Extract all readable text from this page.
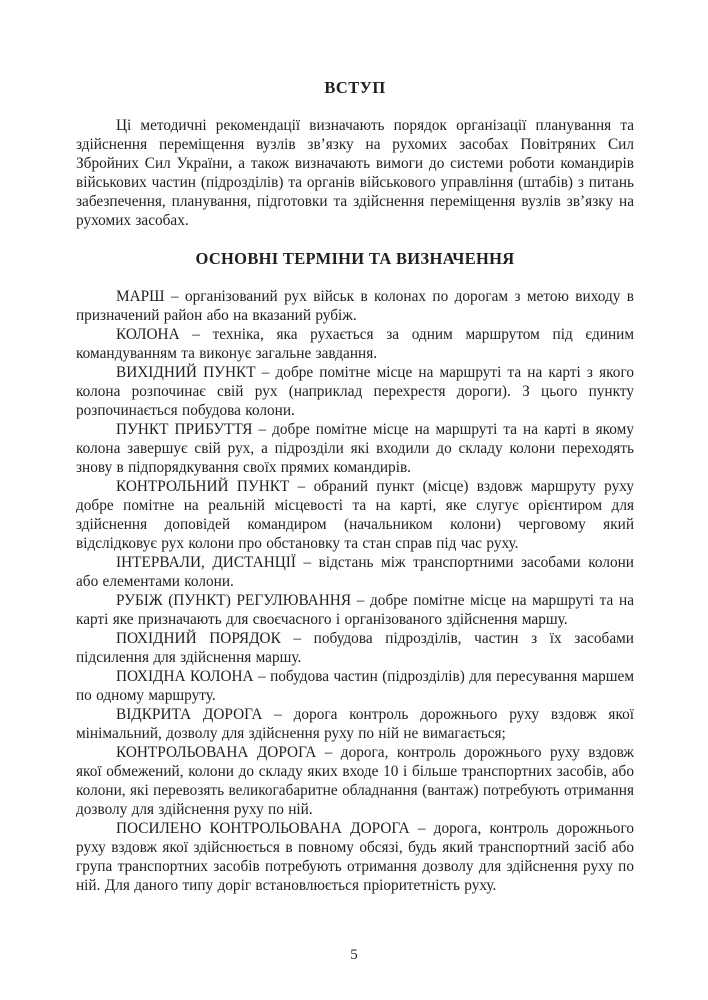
ВСТУП

Ці методичні рекомендації визначають порядок організації планування та здійснення переміщення вузлів зв’язку на рухомих засобах Повітряних Сил Збройних Сил України, а також визначають вимоги до системи роботи командирів військових частин (підрозділів) та органів військового управління (штабів) з питань забезпечення, планування, підготовки та здійснення переміщення вузлів зв’язку на рухомих засобах.

ОСНОВНІ ТЕРМІНИ ТА ВИЗНАЧЕННЯ

МАРШ – організований рух військ в колонах по дорогам з метою виходу в призначений район або на вказаний рубіж.

КОЛОНА – техніка, яка рухається за одним маршрутом під єдиним командуванням та виконує загальне завдання.

ВИХІДНИЙ ПУНКТ – добре помітне місце на маршруті та на карті з якого колона розпочинає свій рух (наприклад перехрестя дороги). З цього пункту розпочинається побудова колони.

ПУНКТ ПРИБУТТЯ – добре помітне місце на маршруті та на карті в якому колона завершує свій рух, а підрозділи які входили до складу колони переходять знову в підпорядкування своїх прямих командирів.

КОНТРОЛЬНИЙ ПУНКТ – обраний пункт (місце) вздовж маршруту руху добре помітне на реальній місцевості та на карті, яке слугує орієнтиром для здійснення доповідей командиром (начальником колони) черговому який відслідковує рух колони про обстановку та стан справ під час руху.

ІНТЕРВАЛИ, ДИСТАНЦІЇ – відстань між транспортними засобами колони або елементами колони.

РУБІЖ (ПУНКТ) РЕГУЛЮВАННЯ – добре помітне місце на маршруті та на карті яке призначають для своєчасного і організованого здійснення маршу.

ПОХІДНИЙ ПОРЯДОК – побудова підрозділів, частин з їх засобами підсилення для здійснення маршу.

ПОХІДНА КОЛОНА – побудова частин (підрозділів) для пересування маршем по одному маршруту.

ВІДКРИТА ДОРОГА – дорога контроль дорожнього руху вздовж якої мінімальний, дозволу для здійснення руху по ній не вимагається;

КОНТРОЛЬОВАНА ДОРОГА – дорога, контроль дорожнього руху вздовж якої обмежений, колони до складу яких входе 10 і більше транспортних засобів, або колони, які перевозять великогабаритне обладнання (вантаж) потребують отримання дозволу для здійснення руху по ній.

ПОСИЛЕНО КОНТРОЛЬОВАНА ДОРОГА – дорога, контроль дорожнього руху вздовж якої здійснюється в повному обсязі, будь який транспортний засіб або група транспортних засобів потребують отримання дозволу для здійснення руху по ній. Для даного типу доріг встановлюється пріоритетність руху.

5
